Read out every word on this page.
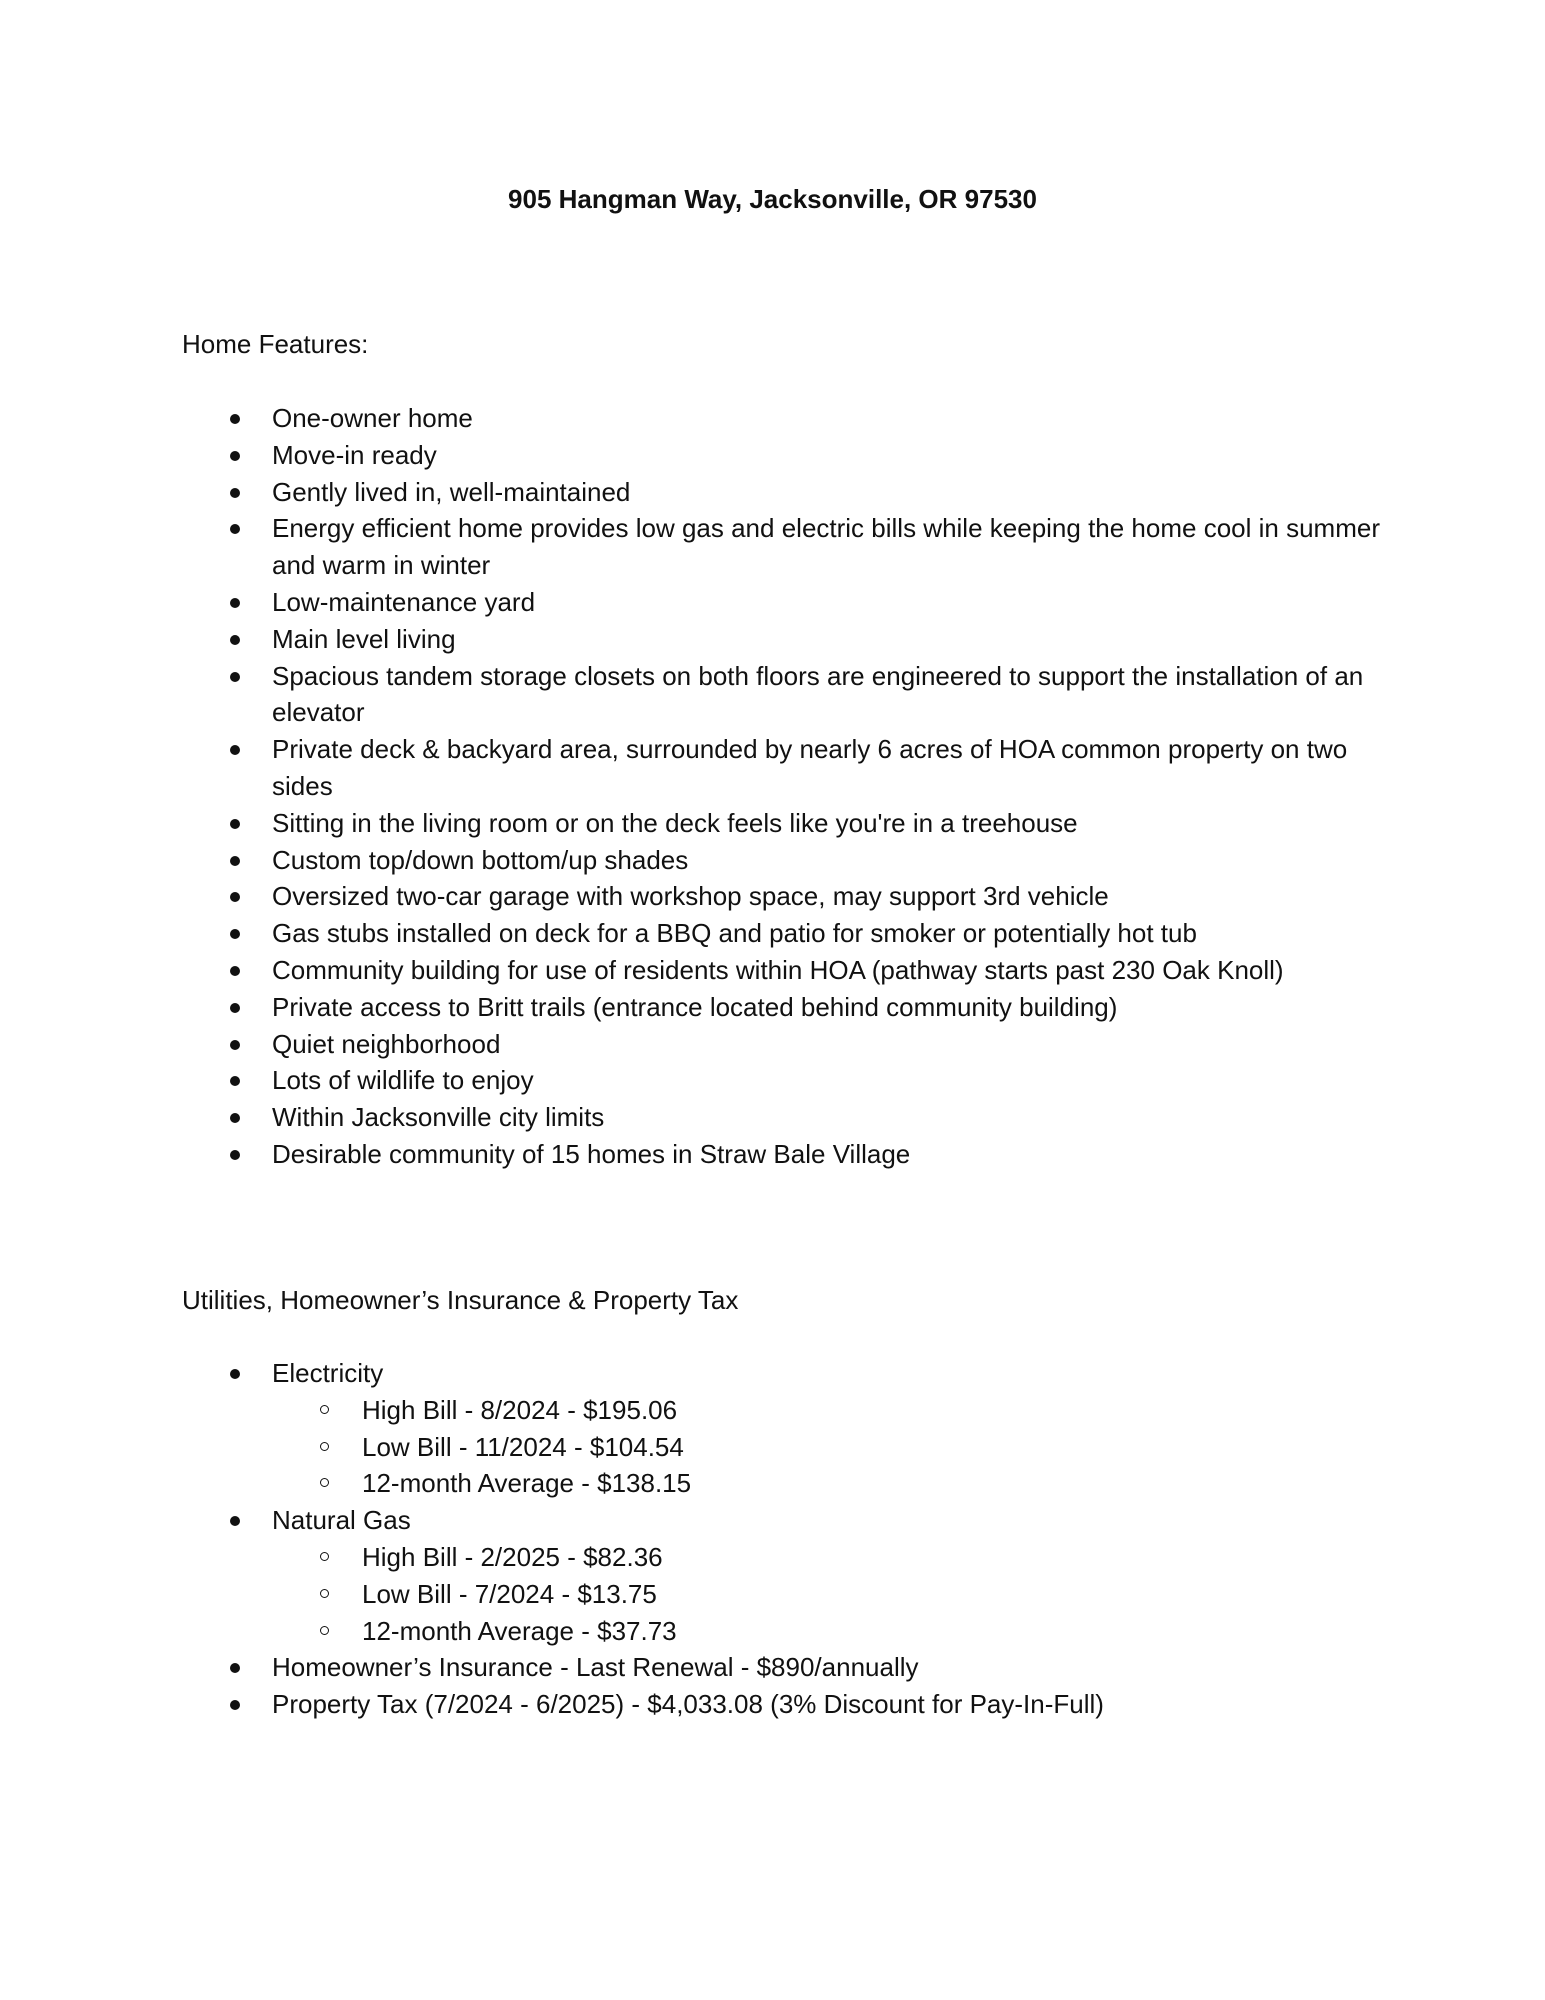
905 Hangman Way, Jacksonville, OR 97530
Home Features:
One-owner home
Move-in ready
Gently lived in, well-maintained
Energy efficient home provides low gas and electric bills while keeping the home cool in summer and warm in winter
Low-maintenance yard
Main level living
Spacious tandem storage closets on both floors are engineered to support the installation of an elevator
Private deck & backyard area, surrounded by nearly 6 acres of HOA common property on two sides
Sitting in the living room or on the deck feels like you're in a treehouse
Custom top/down bottom/up shades
Oversized two-car garage with workshop space, may support 3rd vehicle
Gas stubs installed on deck for a BBQ and patio for smoker or potentially hot tub
Community building for use of residents within HOA (pathway starts past 230 Oak Knoll)
Private access to Britt trails (entrance located behind community building)
Quiet neighborhood
Lots of wildlife to enjoy
Within Jacksonville city limits
Desirable community of 15 homes in Straw Bale Village
Utilities, Homeowner’s Insurance & Property Tax
Electricity
High Bill - 8/2024 - $195.06
Low Bill - 11/2024 - $104.54
12-month Average - $138.15
Natural Gas
High Bill - 2/2025 - $82.36
Low Bill - 7/2024 - $13.75
12-month Average - $37.73
Homeowner’s Insurance - Last Renewal - $890/annually
Property Tax (7/2024 - 6/2025) - $4,033.08 (3% Discount for Pay-In-Full)
